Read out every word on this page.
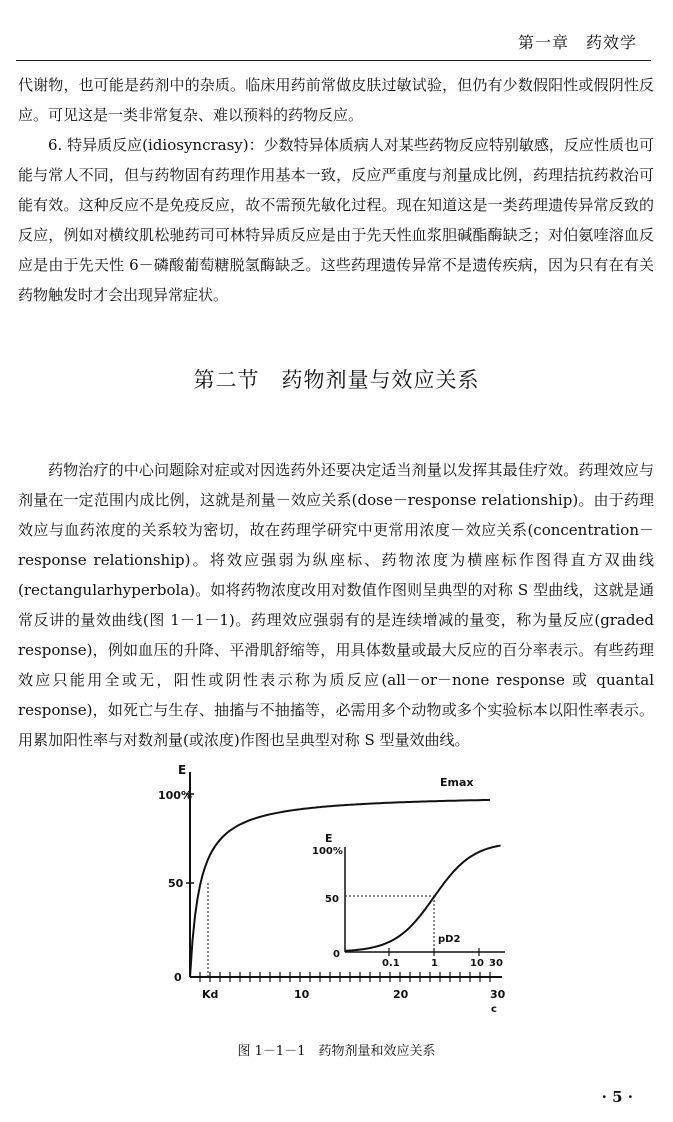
第一章　药效学

代谢物，也可能是药剂中的杂质。临床用药前常做皮肤过敏试验，但仍有少数假阳性或假阴性反应。可见这是一类非常复杂、难以预料的药物反应。

6. 特异质反应(idiosyncrasy)：少数特异体质病人对某些药物反应特别敏感，反应性质也可能与常人不同，但与药物固有药理作用基本一致，反应严重度与剂量成比例，药理拮抗药救治可能有效。这种反应不是免疫反应，故不需预先敏化过程。现在知道这是一类药理遗传异常反致的反应，例如对横纹肌松驰药司可林特异质反应是由于先天性血浆胆碱酯酶缺乏；对伯氨喹溶血反应是由于先天性 6－磷酸葡萄糖脱氢酶缺乏。这些药理遗传异常不是遗传疾病，因为只有在有关药物触发时才会出现异常症状。

第二节　药物剂量与效应关系

药物治疗的中心问题除对症或对因选药外还要决定适当剂量以发挥其最佳疗效。药理效应与剂量在一定范围内成比例，这就是剂量－效应关系(dose－response relationship)。由于药理效应与血药浓度的关系较为密切，故在药理学研究中更常用浓度－效应关系(concentration－response relationship)。将效应强弱为纵座标、药物浓度为横座标作图得直方双曲线(rectangularhyperbola)。如将药物浓度改用对数值作图则呈典型的对称 S 型曲线，这就是通常反讲的量效曲线(图 1－1－1)。药理效应强弱有的是连续增减的量变，称为量反应(graded response)，例如血压的升降、平滑肌舒缩等，用具体数量或最大反应的百分率表示。有些药理效应只能用全或无，阳性或阴性表示称为质反应(all－or－none response 或 quantal response)，如死亡与生存、抽搐与不抽搐等，必需用多个动物或多个实验标本以阳性率表示。用累加阳性率与对数剂量(或浓度)作图也呈典型对称 S 型量效曲线。

E
100%
50
0
Kd	10	20	30
c
Emax
E
100%
50
0
0.1	1	10 30
pD2
图 1－1－1　药物剂量和效应关系
· 5 ·
